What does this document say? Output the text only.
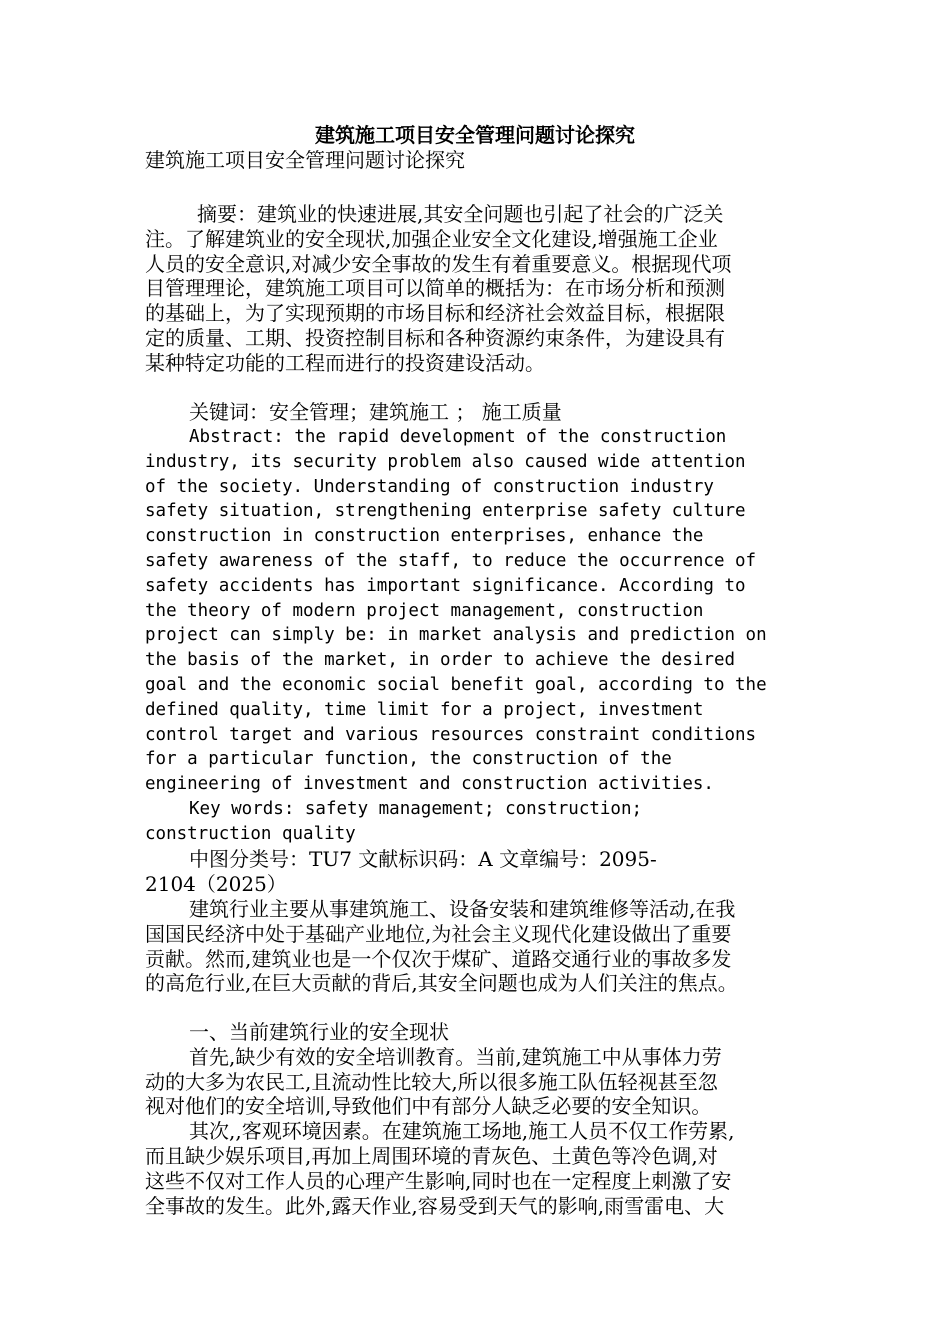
建筑施工项目安全管理问题讨论探究
建筑施工项目安全管理问题讨论探究
摘要：建筑业的快速进展,其安全问题也引起了社会的广泛关
注。了解建筑业的安全现状,加强企业安全文化建设,增强施工企业
人员的安全意识,对减少安全事故的发生有着重要意义。根据现代项
目管理理论，建筑施工项目可以简单的概括为：在市场分析和预测
的基础上，为了实现预期的市场目标和经济社会效益目标，根据限
定的质量、工期、投资控制目标和各种资源约束条件，为建设具有
某种特定功能的工程而进行的投资建设活动。
关键词：安全管理；建筑施工 ； 施工质量
Abstract: the rapid development of the construction
industry, its security problem also caused wide attention
of the society. Understanding of construction industry
safety situation, strengthening enterprise safety culture
construction in construction enterprises, enhance the
safety awareness of the staff, to reduce the occurrence of
safety accidents has important significance. According to
the theory of modern project management, construction
project can simply be: in market analysis and prediction on
the basis of the market, in order to achieve the desired
goal and the economic social benefit goal, according to the
defined quality, time limit for a project, investment
control target and various resources constraint conditions
for a particular function, the construction of the
engineering of investment and construction activities.
Key words: safety management; construction;
construction quality
中图分类号：TU7 文献标识码：A 文章编号：2095-
2104（2025）
建筑行业主要从事建筑施工、设备安装和建筑维修等活动,在我
国国民经济中处于基础产业地位,为社会主义现代化建设做出了重要
贡献。然而,建筑业也是一个仅次于煤矿、道路交通行业的事故多发
的高危行业,在巨大贡献的背后,其安全问题也成为人们关注的焦点。
一、当前建筑行业的安全现状
首先,缺少有效的安全培训教育。当前,建筑施工中从事体力劳
动的大多为农民工,且流动性比较大,所以很多施工队伍轻视甚至忽
视对他们的安全培训,导致他们中有部分人缺乏必要的安全知识。
其次,,客观环境因素。在建筑施工场地,施工人员不仅工作劳累,
而且缺少娱乐项目,再加上周围环境的青灰色、土黄色等冷色调,对
这些不仅对工作人员的心理产生影响,同时也在一定程度上刺激了安
全事故的发生。此外,露天作业,容易受到天气的影响,雨雪雷电、大
